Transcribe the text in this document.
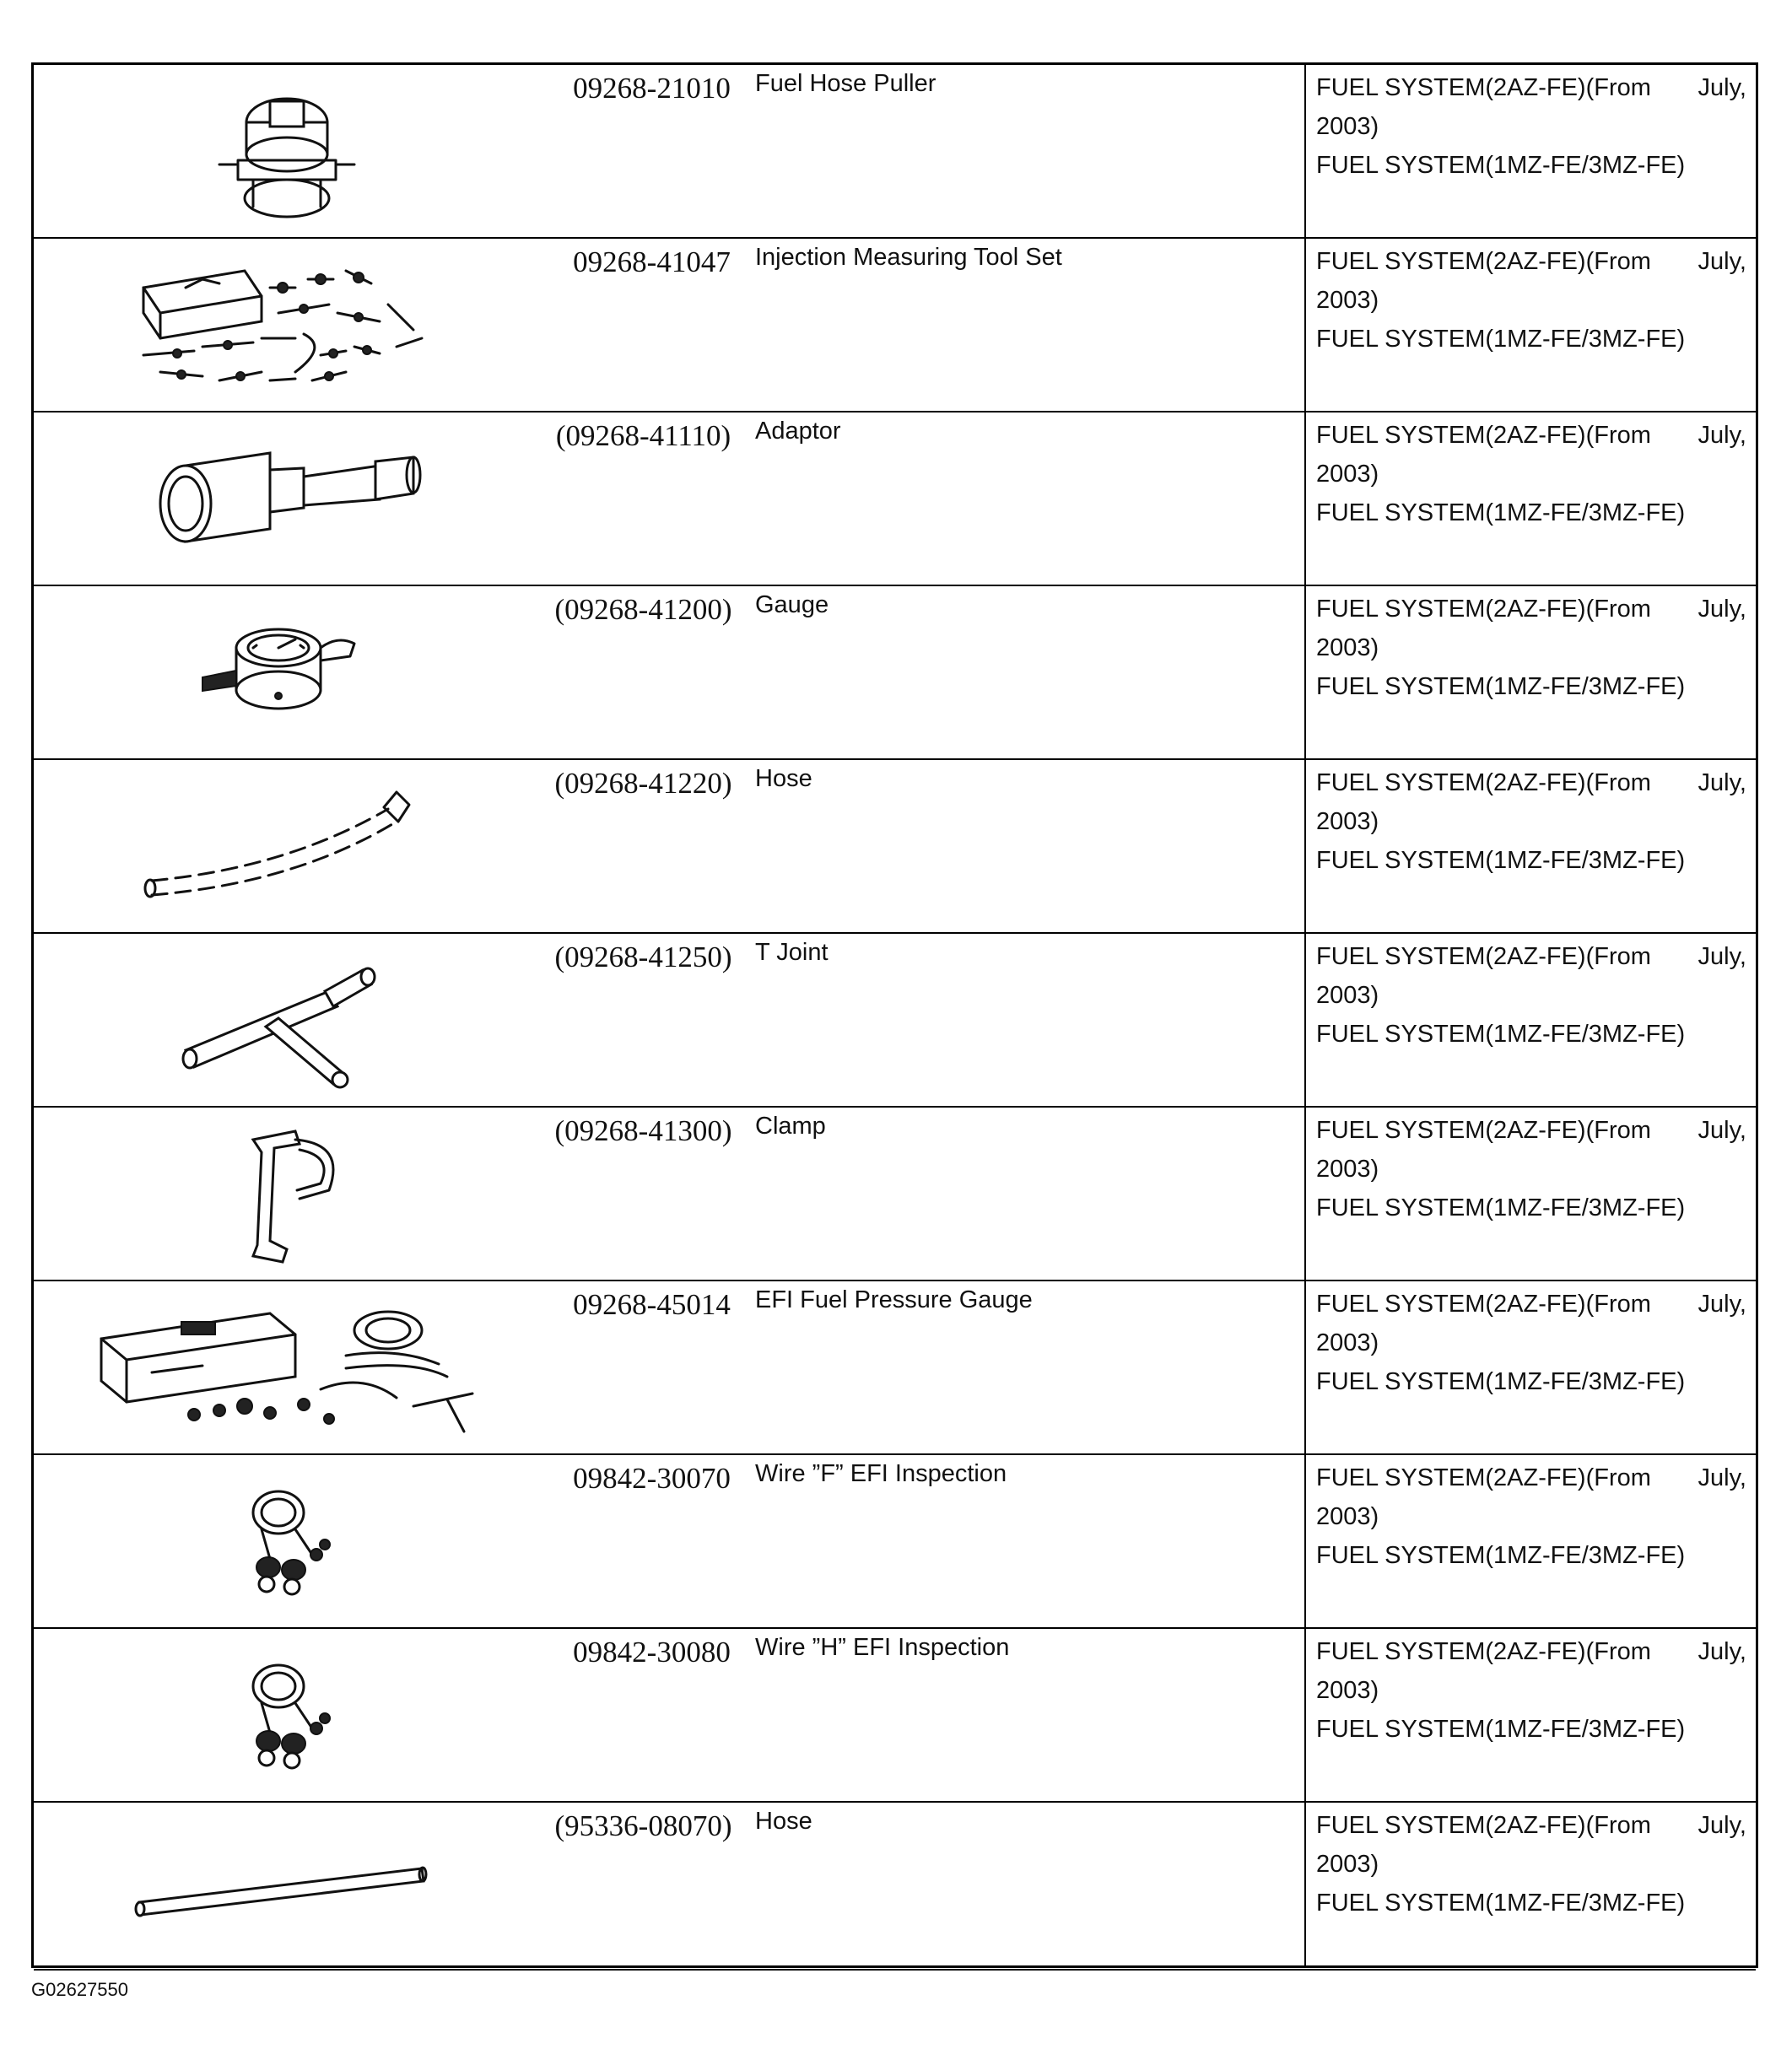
09268-21010	Fuel Hose Puller	FUEL SYSTEM(2AZ-FE)(From July,
2003)
FUEL SYSTEM(1MZ-FE/3MZ-FE)
09268-41047	Injection Measuring Tool Set	FUEL SYSTEM(2AZ-FE)(From July,
2003)
FUEL SYSTEM(1MZ-FE/3MZ-FE)
(09268-41110) Adaptor	FUEL SYSTEM(2AZ-FE)(From July,
2003)
FUEL SYSTEM(1MZ-FE/3MZ-FE)
(09268-41200) Gauge	FUEL SYSTEM(2AZ-FE)(From July,
2003)
FUEL SYSTEM(1MZ-FE/3MZ-FE)
(09268-41220) Hose	FUEL SYSTEM(2AZ-FE)(From July,
2003)
FUEL SYSTEM(1MZ-FE/3MZ-FE)
(09268-41250) T Joint	FUEL SYSTEM(2AZ-FE)(From July,
2003)
FUEL SYSTEM(1MZ-FE/3MZ-FE)
(09268-41300) Clamp	FUEL SYSTEM(2AZ-FE)(From July,
2003)
FUEL SYSTEM(1MZ-FE/3MZ-FE)
09268-45014	EFI Fuel Pressure Gauge	FUEL SYSTEM(2AZ-FE)(From July,
2003)
FUEL SYSTEM(1MZ-FE/3MZ-FE)
09842-30070	Wire ”F” EFI Inspection	FUEL SYSTEM(2AZ-FE)(From July,
2003)
FUEL SYSTEM(1MZ-FE/3MZ-FE)
09842-30080	Wire ”H” EFI Inspection	FUEL SYSTEM(2AZ-FE)(From July,
2003)
FUEL SYSTEM(1MZ-FE/3MZ-FE)
(95336-08070) Hose	FUEL SYSTEM(2AZ-FE)(From July,
2003)
FUEL SYSTEM(1MZ-FE/3MZ-FE)
G02627550
